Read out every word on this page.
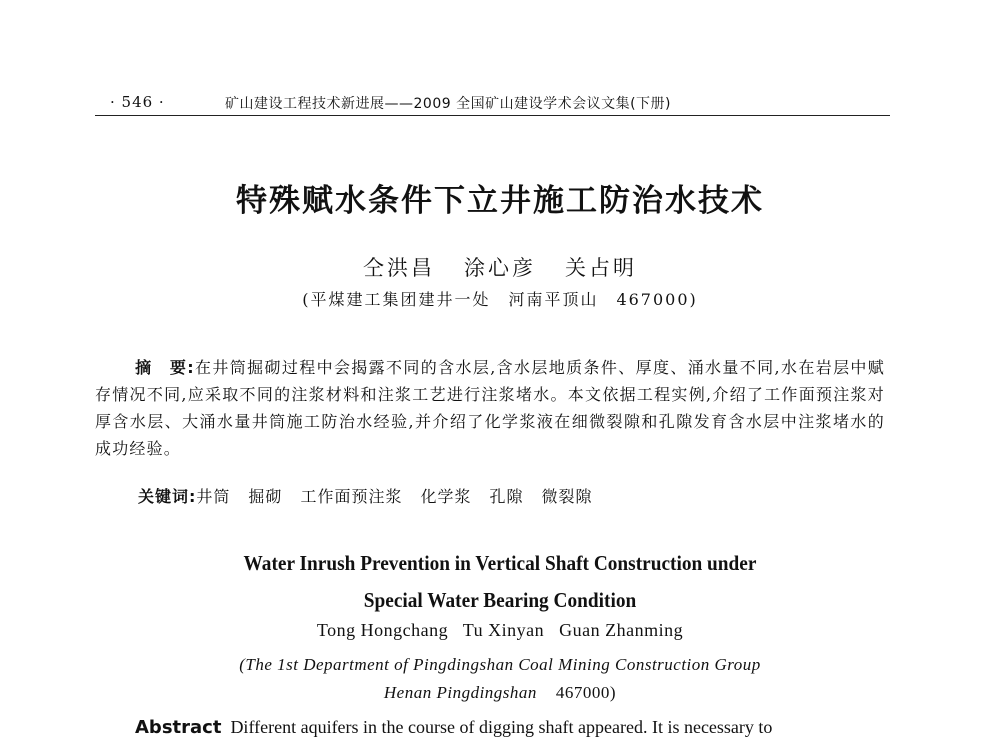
· 546 ·	矿山建设工程技术新进展——2009 全国矿山建设学术会议文集(下册)
特殊赋水条件下立井施工防治水技术
仝洪昌 涂心彦 关占明
(平煤建工集团建井一处　河南平顶山　467000)

摘　要:在井筒掘砌过程中会揭露不同的含水层,含水层地质条件、厚度、涌水量不同,水在岩层中赋存情况不同,应采取不同的注浆材料和注浆工艺进行注浆堵水。本文依据工程实例,介绍了工作面预注浆对厚含水层、大涌水量井筒施工防治水经验,并介绍了化学浆液在细微裂隙和孔隙发育含水层中注浆堵水的成功经验。

关键词:井筒 掘砌 工作面预注浆 化学浆 孔隙 微裂隙
Water Inrush Prevention in Vertical Shaft Construction under
Special Water Bearing Condition
Tong Hongchang Tu Xinyan Guan Zhanming
(The 1st Department of Pingdingshan Coal Mining Construction Group
Henan Pingdingshan 467000)
Abstract Different aquifers in the course of digging shaft appeared. It is necessary to
